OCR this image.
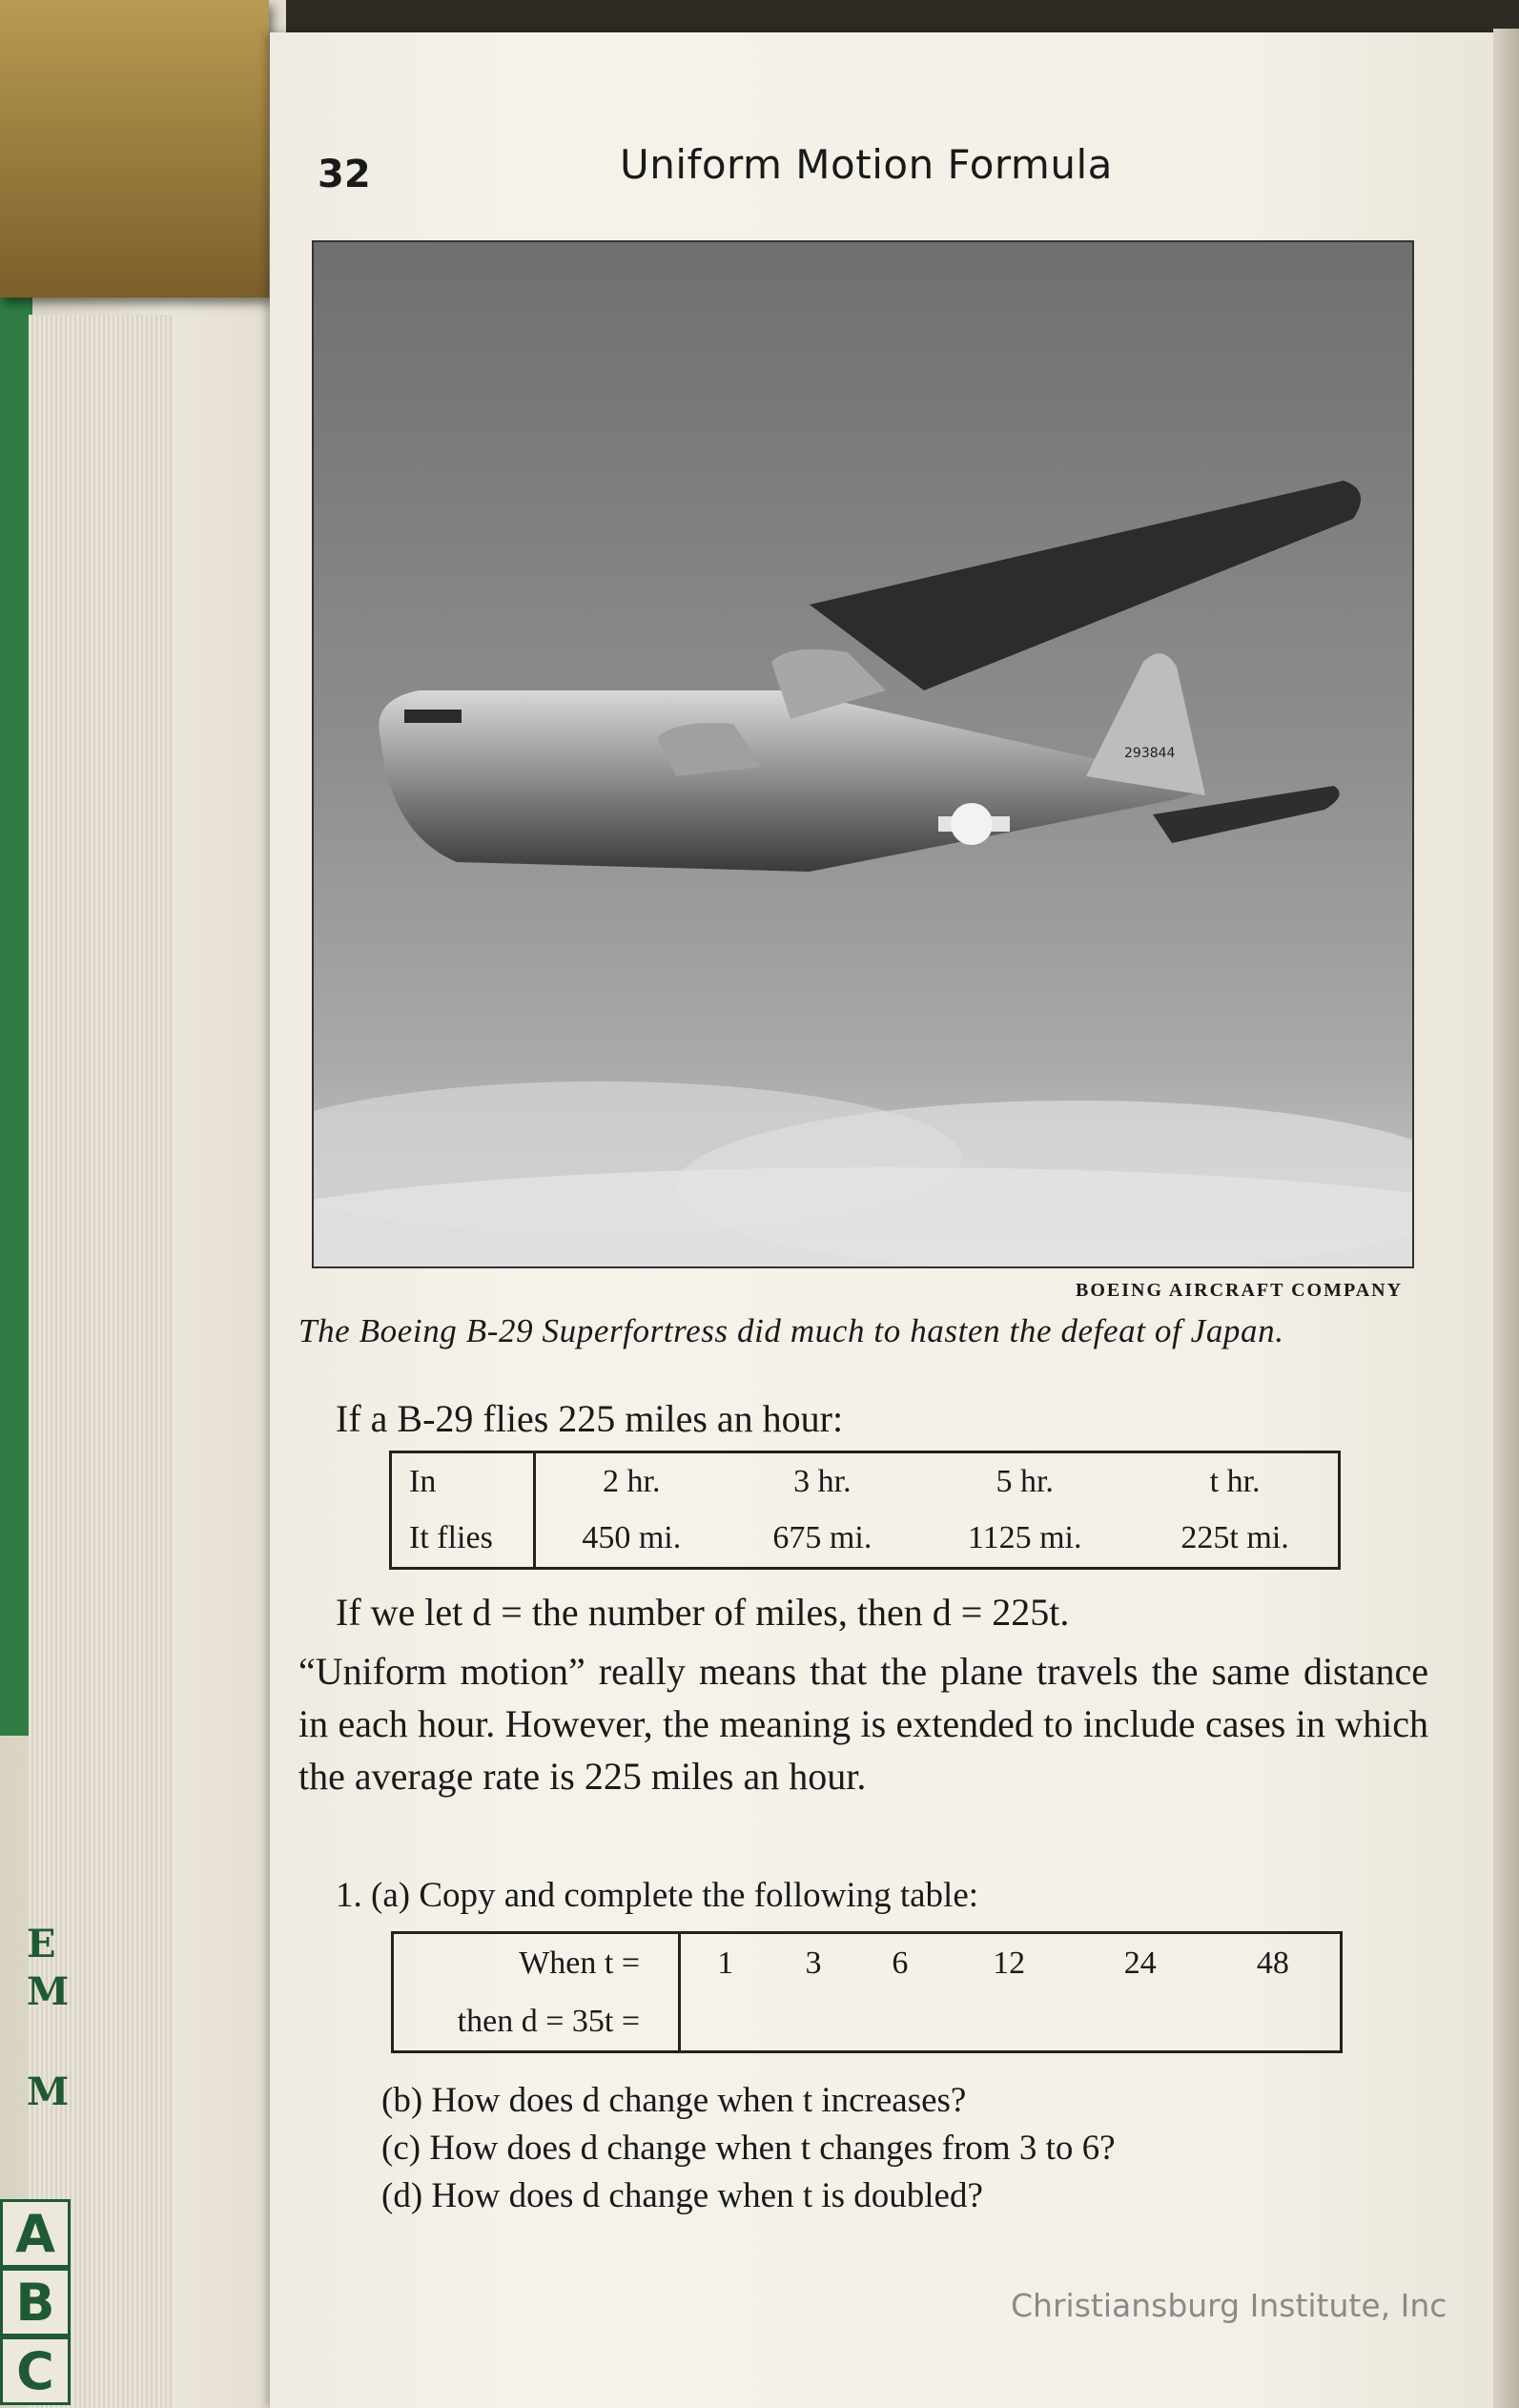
E
M
M
A
B
C
32	Uniform Motion Formula
293844
BOEING AIRCRAFT COMPANY
The Boeing B-29 Superfortress did much to hasten the defeat of Japan.
If a B-29 flies 225 miles an hour:
In	2 hr.	3 hr.	5 hr.	t hr.
It flies	450 mi.	675 mi.	1125 mi.	225t mi.
If we let d = the number of miles, then d = 225t.
“Uniform motion” really means that the plane travels the same distance in each hour. However, the meaning is extended to include cases in which the average rate is 225 miles an hour.
1. (a) Copy and complete the following table:
When t =	1	3	6	12	24	48
then d = 35t =						
(b) How does d change when t increases?
(c) How does d change when t changes from 3 to 6?
(d) How does d change when t is doubled?
Christiansburg Institute, Inc
